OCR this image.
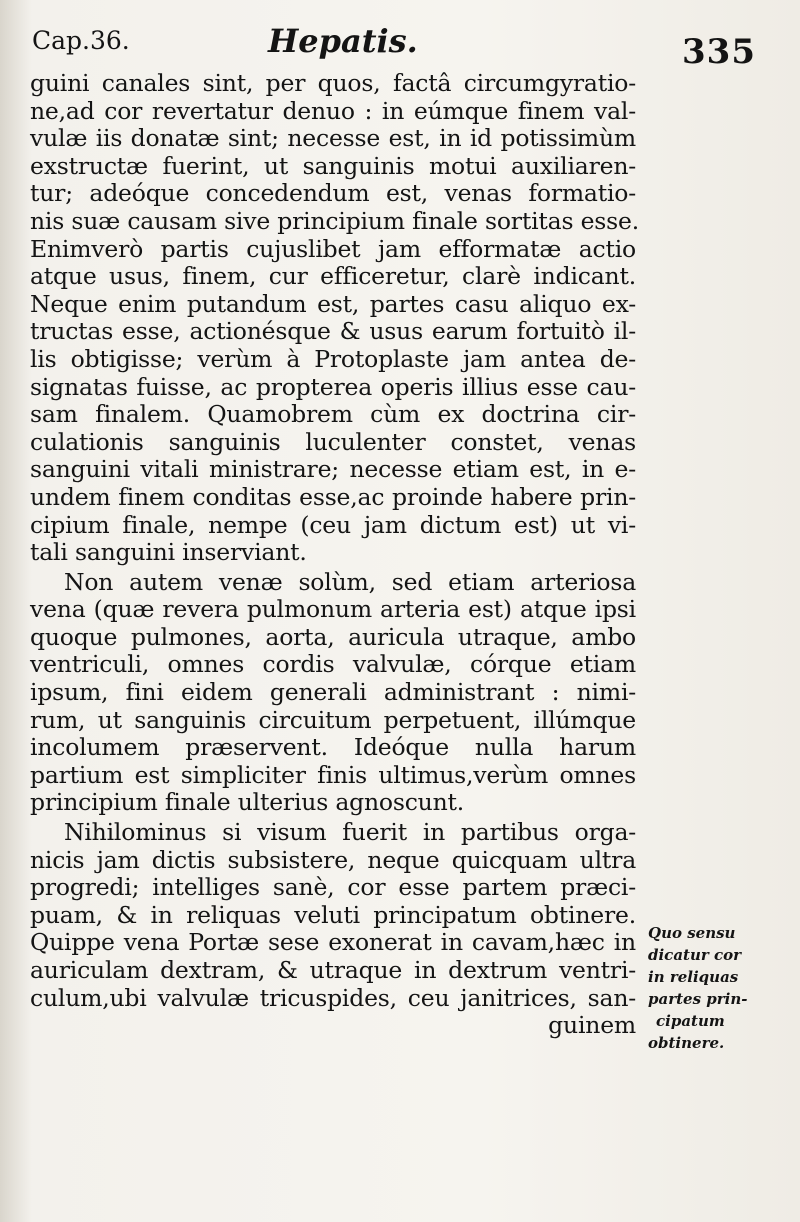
Cap.36.	Hepatis.	335
guini canales sint, per quos, factâ circumgyratio-
ne,ad cor revertatur denuo : in eúmque finem val-
vulæ iis donatæ sint; necesse est, in id potissimùm
exstructæ fuerint, ut sanguinis motui auxiliaren-
tur; adeóque concedendum est, venas formatio-
nis suæ causam sive principium finale sortitas esse.
Enimverò partis cujuslibet jam efformatæ actio
atque usus, finem, cur efficeretur, clarè indicant.
Neque enim putandum est, partes casu aliquo ex-
tructas esse, actionésque & usus earum fortuitò il-
lis obtigisse; verùm à Protoplaste jam antea de-
signatas fuisse, ac propterea operis illius esse cau-
sam finalem. Quamobrem cùm ex doctrina cir-
culationis sanguinis luculenter constet, venas
sanguini vitali ministrare; necesse etiam est, in e-
undem finem conditas esse,ac proinde habere prin-
cipium finale, nempe (ceu jam dictum est) ut vi-
tali sanguini inserviant.
Non autem venæ solùm, sed etiam arteriosa
vena (quæ revera pulmonum arteria est) atque ipsi
quoque pulmones, aorta, auricula utraque, ambo
ventriculi, omnes cordis valvulæ, córque etiam
ipsum, fini eidem generali administrant : nimi-
rum, ut sanguinis circuitum perpetuent, illúmque
incolumem præservent. Ideóque nulla harum
partium est simpliciter finis ultimus,verùm omnes
principium finale ulterius agnoscunt.
Nihilominus si visum fuerit in partibus orga-
nicis jam dictis subsistere, neque quicquam ultra
progredi; intelliges sanè, cor esse partem præci-
puam, & in reliquas veluti principatum obtinere.
Quippe vena Portæ sese exonerat in cavam,hæc in
auriculam dextram, & utraque in dextrum ventri-
culum,ubi valvulæ tricuspides, ceu janitrices, san-
guinem
Quo sensu
dicatur cor
in reliquas
partes prin-
cipatum
obtinere.
